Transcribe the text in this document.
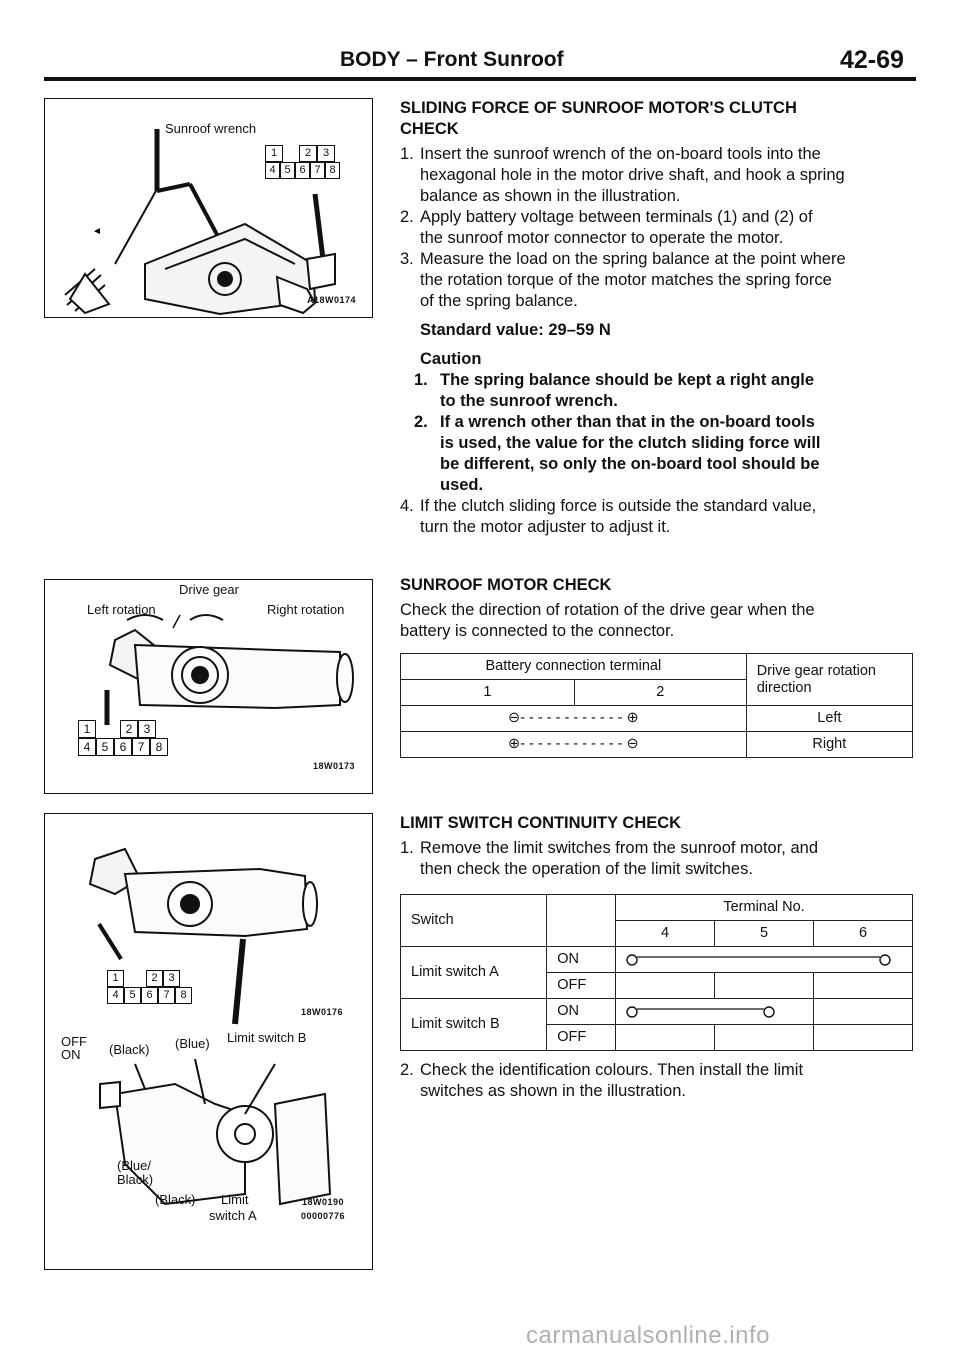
BODY – Front Sunroof	42-69
◄
Sunroof wrench
1	2	3
4 5 6 7 8
A18W0174
Drive gear
Left rotation	Right rotation
1	2 3
4 5 6 7 8
18W0173
1	2 3
4 5 6 7 8
18W0176
OFF
ON (Black) (Blue) Limit switch B
(Blue/
Black)
(Black) Limit
switch A
18W0190
00000776
SLIDING FORCE OF SUNROOF MOTOR'S CLUTCH
CHECK
1. Insert the sunroof wrench of the on-board tools into the
hexagonal hole in the motor drive shaft, and hook a spring
balance as shown in the illustration.
2. Apply battery voltage between terminals (1) and (2) of
the sunroof motor connector to operate the motor.
3. Measure the load on the spring balance at the point where
the rotation torque of the motor matches the spring force
of the spring balance.
Standard value: 29–59 N
Caution
1. The spring balance should be kept a right angle
to the sunroof wrench.
2. If a wrench other than that in the on-board tools
is used, the value for the clutch sliding force will
be different, so only the on-board tool should be
used.
4. If the clutch sliding force is outside the standard value,
turn the motor adjuster to adjust it.
SUNROOF MOTOR CHECK
Check the direction of rotation of the drive gear when the
battery is connected to the connector.
Battery connection terminal		Drive gear rotation
direction

1	2	
⊖- - - - - - - - - - - - ⊕		Left
⊕- - - - - - - - - - - - ⊖		Right
LIMIT SWITCH CONTINUITY CHECK
1. Remove the limit switches from the sunroof motor, and
then check the operation of the limit switches.
Switch		Terminal No.		
		4	5	6
Limit switch A	ON	

	OFF			
Limit switch B	ON	

	OFF			
2. Check the identification colours. Then install the limit
switches as shown in the illustration.
carmanualsonline.info
